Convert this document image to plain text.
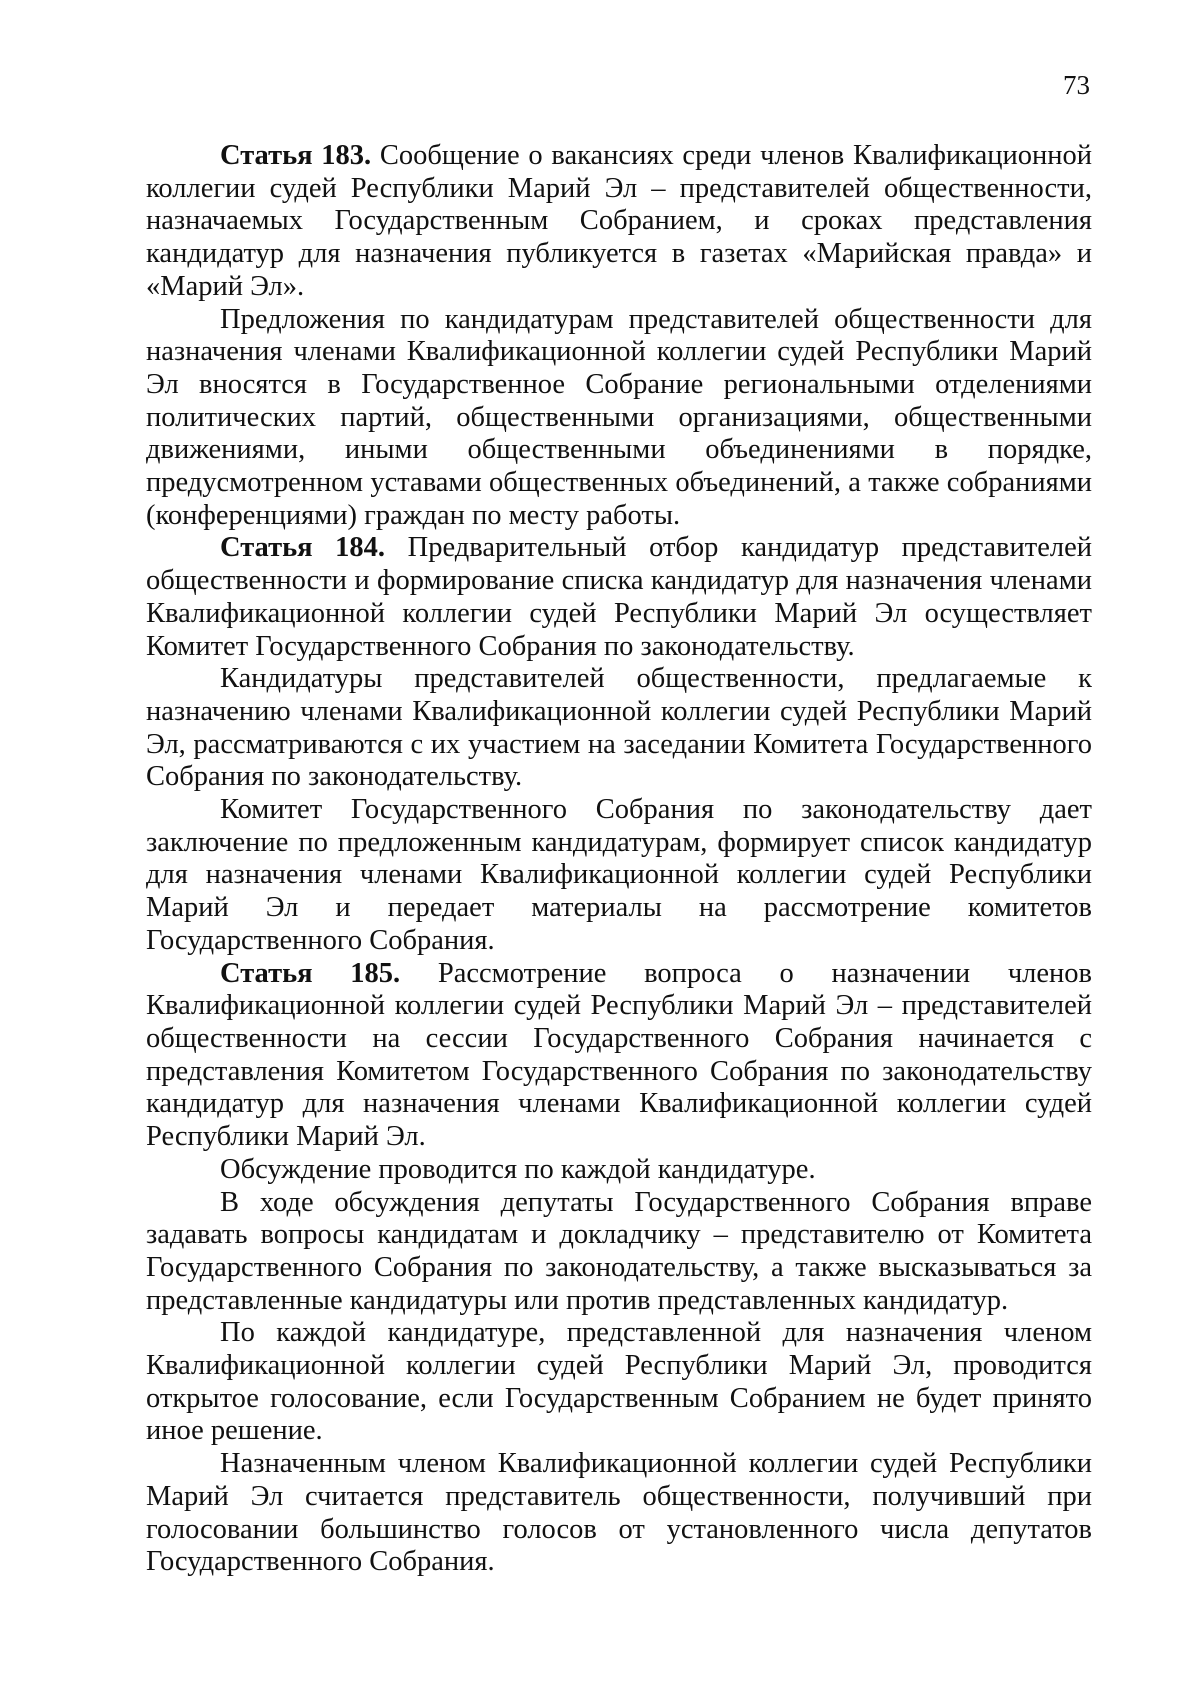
73

Статья 183. Сообщение о вакансиях среди членов Квалификационной коллегии судей Республики Марий Эл – представителей общественности, назначаемых Государственным Собранием, и сроках представления кандидатур для назначения публикуется в газетах «Марийская правда» и «Марий Эл».

Предложения по кандидатурам представителей общественности для назначения членами Квалификационной коллегии судей Республики Марий Эл вносятся в Государственное Собрание региональными отделениями политических партий, общественными организациями, общественными движениями, иными общественными объединениями в порядке, предусмотренном уставами общественных объединений, а также собраниями (конференциями) граждан по месту работы.

Статья 184. Предварительный отбор кандидатур представителей общественности и формирование списка кандидатур для назначения членами Квалификационной коллегии судей Республики Марий Эл осуществляет Комитет Государственного Собрания по законодательству.

Кандидатуры представителей общественности, предлагаемые к назначению членами Квалификационной коллегии судей Республики Марий Эл, рассматриваются с их участием на заседании Комитета Государственного Собрания по законодательству.

Комитет Государственного Собрания по законодательству дает заключение по предложенным кандидатурам, формирует список кандидатур для назначения членами Квалификационной коллегии судей Республики Марий Эл и передает материалы на рассмотрение комитетов Государственного Собрания.

Статья 185. Рассмотрение вопроса о назначении членов Квалификационной коллегии судей Республики Марий Эл – представителей общественности на сессии Государственного Собрания начинается с представления Комитетом Государственного Собрания по законодательству кандидатур для назначения членами Квалификационной коллегии судей Республики Марий Эл.

Обсуждение проводится по каждой кандидатуре.

В ходе обсуждения депутаты Государственного Собрания вправе задавать вопросы кандидатам и докладчику – представителю от Комитета Государственного Собрания по законодательству, а также высказываться за представленные кандидатуры или против представленных кандидатур.

По каждой кандидатуре, представленной для назначения членом Квалификационной коллегии судей Республики Марий Эл, проводится открытое голосование, если Государственным Собранием не будет принято иное решение.

Назначенным членом Квалификационной коллегии судей Республики Марий Эл считается представитель общественности, получивший при голосовании большинство голосов от установленного числа депутатов Государственного Собрания.
